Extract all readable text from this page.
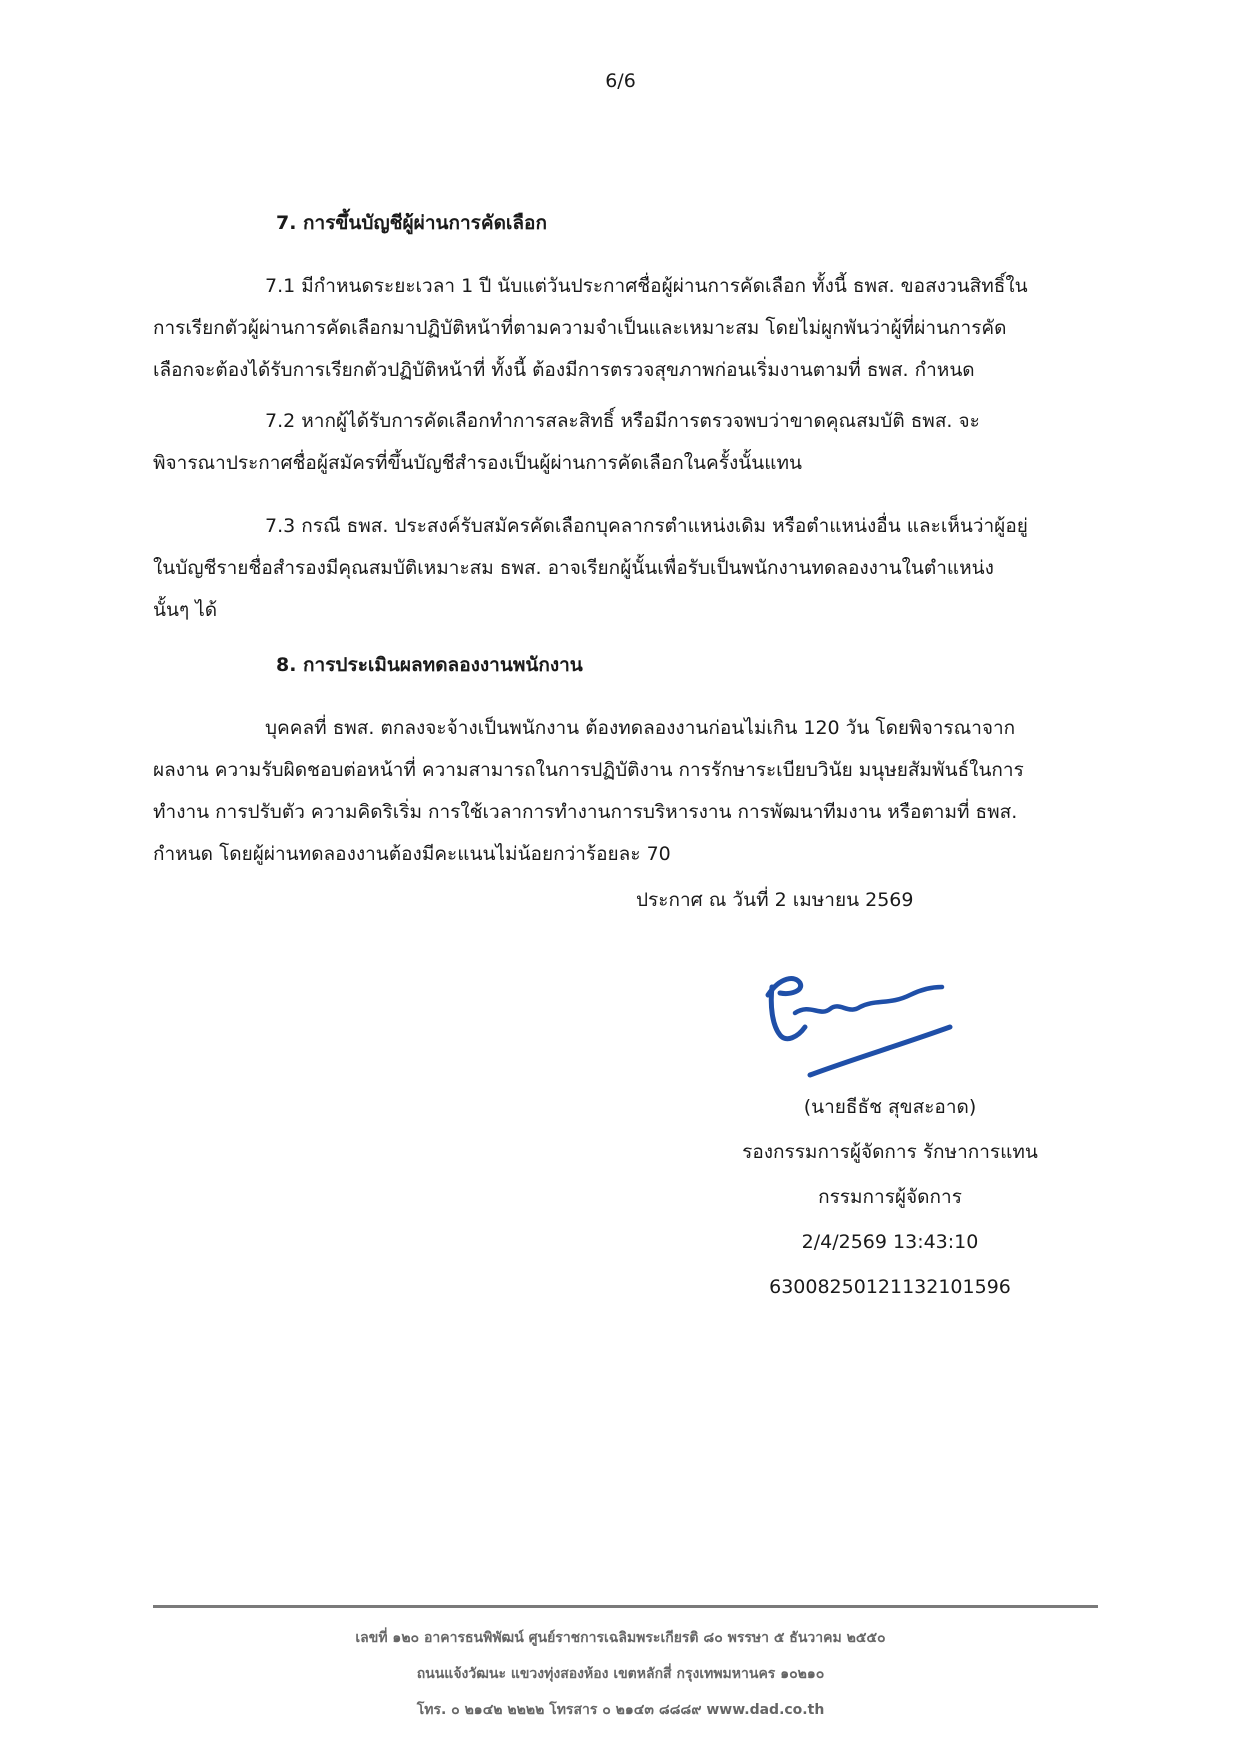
6/6
7. การขึ้นบัญชีผู้ผ่านการคัดเลือก
7.1 มีกำหนดระยะเวลา 1 ปี นับแต่วันประกาศชื่อผู้ผ่านการคัดเลือก ทั้งนี้ ธพส. ขอสงวนสิทธิ์ใน
การเรียกตัวผู้ผ่านการคัดเลือกมาปฏิบัติหน้าที่ตามความจำเป็นและเหมาะสม โดยไม่ผูกพันว่าผู้ที่ผ่านการคัด
เลือกจะต้องได้รับการเรียกตัวปฏิบัติหน้าที่ ทั้งนี้ ต้องมีการตรวจสุขภาพก่อนเริ่มงานตามที่ ธพส. กำหนด
7.2 หากผู้ได้รับการคัดเลือกทำการสละสิทธิ์ หรือมีการตรวจพบว่าขาดคุณสมบัติ ธพส. จะ
พิจารณาประกาศชื่อผู้สมัครที่ขึ้นบัญชีสำรองเป็นผู้ผ่านการคัดเลือกในครั้งนั้นแทน
7.3 กรณี ธพส. ประสงค์รับสมัครคัดเลือกบุคลากรตำแหน่งเดิม หรือตำแหน่งอื่น และเห็นว่าผู้อยู่
ในบัญชีรายชื่อสำรองมีคุณสมบัติเหมาะสม ธพส. อาจเรียกผู้นั้นเพื่อรับเป็นพนักงานทดลองงานในตำแหน่ง
นั้นๆ ได้
8. การประเมินผลทดลองงานพนักงาน
บุคคลที่ ธพส. ตกลงจะจ้างเป็นพนักงาน ต้องทดลองงานก่อนไม่เกิน 120 วัน โดยพิจารณาจาก
ผลงาน ความรับผิดชอบต่อหน้าที่ ความสามารถในการปฏิบัติงาน การรักษาระเบียบวินัย มนุษยสัมพันธ์ในการ
ทำงาน การปรับตัว ความคิดริเริ่ม การใช้เวลาการทำงานการบริหารงาน การพัฒนาทีมงาน หรือตามที่ ธพส.
กำหนด โดยผู้ผ่านทดลองงานต้องมีคะแนนไม่น้อยกว่าร้อยละ 70
ประกาศ ณ วันที่ 2 เมษายน 2569
(นายธีธัช สุขสะอาด)
รองกรรมการผู้จัดการ รักษาการแทน
กรรมการผู้จัดการ
2/4/2569 13:43:10
63008250121132101596
เลขที่ ๑๒๐ อาคารธนพิพัฒน์ ศูนย์ราชการเฉลิมพระเกียรติ ๘๐ พรรษา ๕ ธันวาคม ๒๕๕๐
ถนนแจ้งวัฒนะ แขวงทุ่งสองห้อง เขตหลักสี่ กรุงเทพมหานคร ๑๐๒๑๐
โทร. ๐ ๒๑๔๒ ๒๒๒๒ โทรสาร ๐ ๒๑๔๓ ๘๘๘๙ www.dad.co.th
